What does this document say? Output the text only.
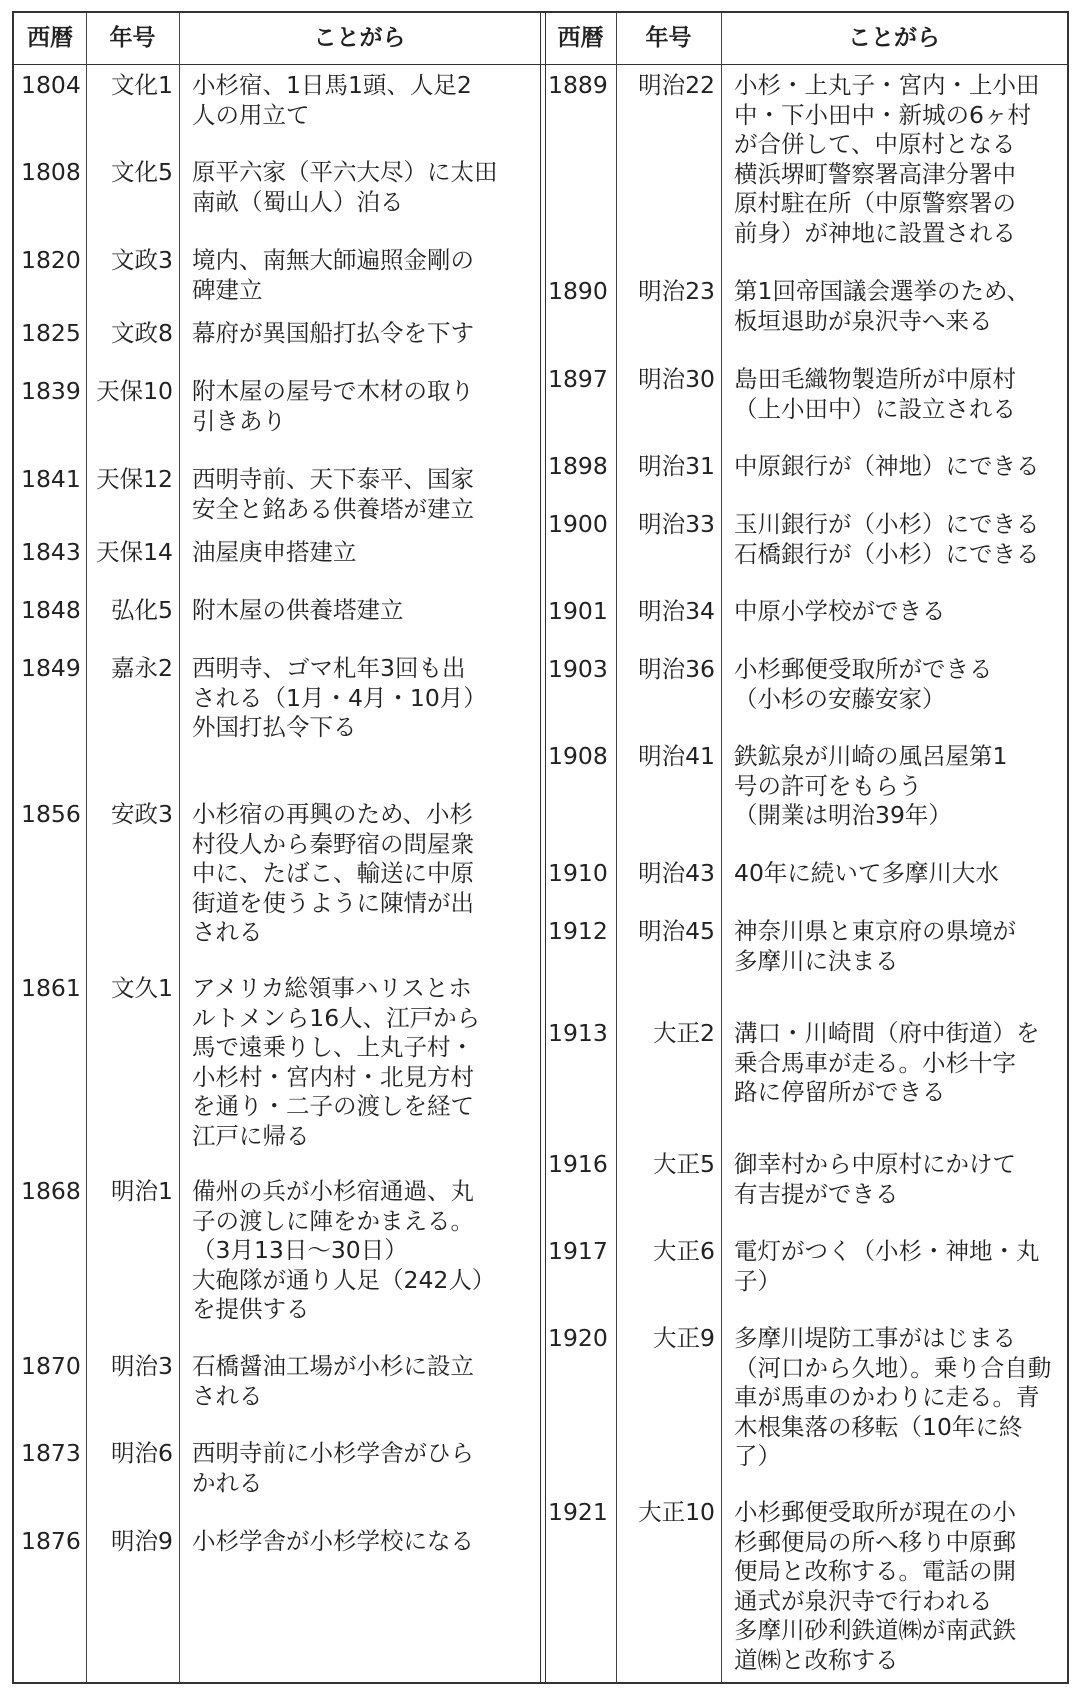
西暦	年号	ことがら	西暦	年号	ことがら
1804	文化1 小杉宿、1日馬1頭、人足2
人の用立て
1808	文化5 原平六家（平六大尽）に太田
南畝（蜀山人）泊る
1820	文政3 境内、南無大師遍照金剛の
碑建立
1825	文政8 幕府が異国船打払令を下す
1839 天保10 附木屋の屋号で木材の取り
引きあり
1841 天保12 西明寺前、天下泰平、国家
安全と銘ある供養塔が建立
1843 天保14 油屋庚申搭建立
1848	弘化5 附木屋の供養塔建立
1849	嘉永2 西明寺、ゴマ札年3回も出
される（1月・4月・10月）
外国打払令下る
1856	安政3 小杉宿の再興のため、小杉
村役人から秦野宿の問屋衆
中に、たばこ、輸送に中原
街道を使うように陳情が出
される
1861	文久1 アメリカ総領事ハリスとホ
ルトメンら16人、江戸から
馬で遠乗りし、上丸子村・
小杉村・宮内村・北見方村
を通り・二子の渡しを経て
江戸に帰る
1868	明治1 備州の兵が小杉宿通過、丸
子の渡しに陣をかまえる。
（3月13日～30日）
大砲隊が通り人足（242人）
を提供する
1870	明治3 石橋醤油工場が小杉に設立
される
1873	明治6 西明寺前に小杉学舎がひら
かれる
1876	明治9 小杉学舎が小杉学校になる
1889	明治22 小杉・上丸子・宮内・上小田
中・下小田中・新城の6ヶ村
が合併して、中原村となる
横浜堺町警察署高津分署中
原村駐在所（中原警察署の
前身）が神地に設置される
1890	明治23 第1回帝国議会選挙のため、
板垣退助が泉沢寺へ来る
1897	明治30 島田毛織物製造所が中原村
（上小田中）に設立される
1898	明治31 中原銀行が（神地）にできる
1900	明治33 玉川銀行が（小杉）にできる
石橋銀行が（小杉）にできる
1901	明治34 中原小学校ができる
1903	明治36 小杉郵便受取所ができる
（小杉の安藤安家）
1908	明治41 鉄鉱泉が川崎の風呂屋第1
号の許可をもらう
（開業は明治39年）
1910	明治43 40年に続いて多摩川大水
1912	明治45 神奈川県と東京府の県境が
多摩川に決まる
1913	大正2 溝口・川崎間（府中街道）を
乗合馬車が走る。小杉十字
路に停留所ができる
1916	大正5 御幸村から中原村にかけて
有吉提ができる
1917	大正6 電灯がつく（小杉・神地・丸
子）
1920	大正9 多摩川堤防工事がはじまる
（河口から久地）。乗り合自動
車が馬車のかわりに走る。青
木根集落の移転（10年に終
了）
1921	大正10 小杉郵便受取所が現在の小
杉郵便局の所へ移り中原郵
便局と改称する。電話の開
通式が泉沢寺で行われる
多摩川砂利鉄道㈱が南武鉄
道㈱と改称する
